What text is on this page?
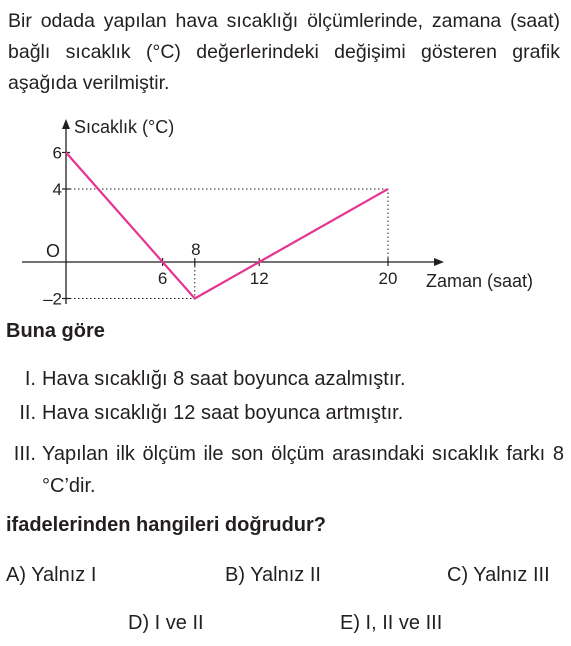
Bir odada yapılan hava sıcaklığı ölçümlerinde, zamana (saat) bağlı sıcaklık (°C) değerlerindeki değişimi gösteren grafik aşağıda verilmiştir.
6
4
–2
6
8
12	20
Sıcaklık (°C)
Zaman (saat)
O
Buna göre
I. Hava sıcaklığı 8 saat boyunca azalmıştır.
II. Hava sıcaklığı 12 saat boyunca artmıştır.
III. Yapılan ilk ölçüm ile son ölçüm arasındaki sıcaklık farkı 8 °C’dir.
ifadelerinden hangileri doğrudur?
A) Yalnız I	B) Yalnız II	C) Yalnız III
D) I ve II	E) I, II ve III
